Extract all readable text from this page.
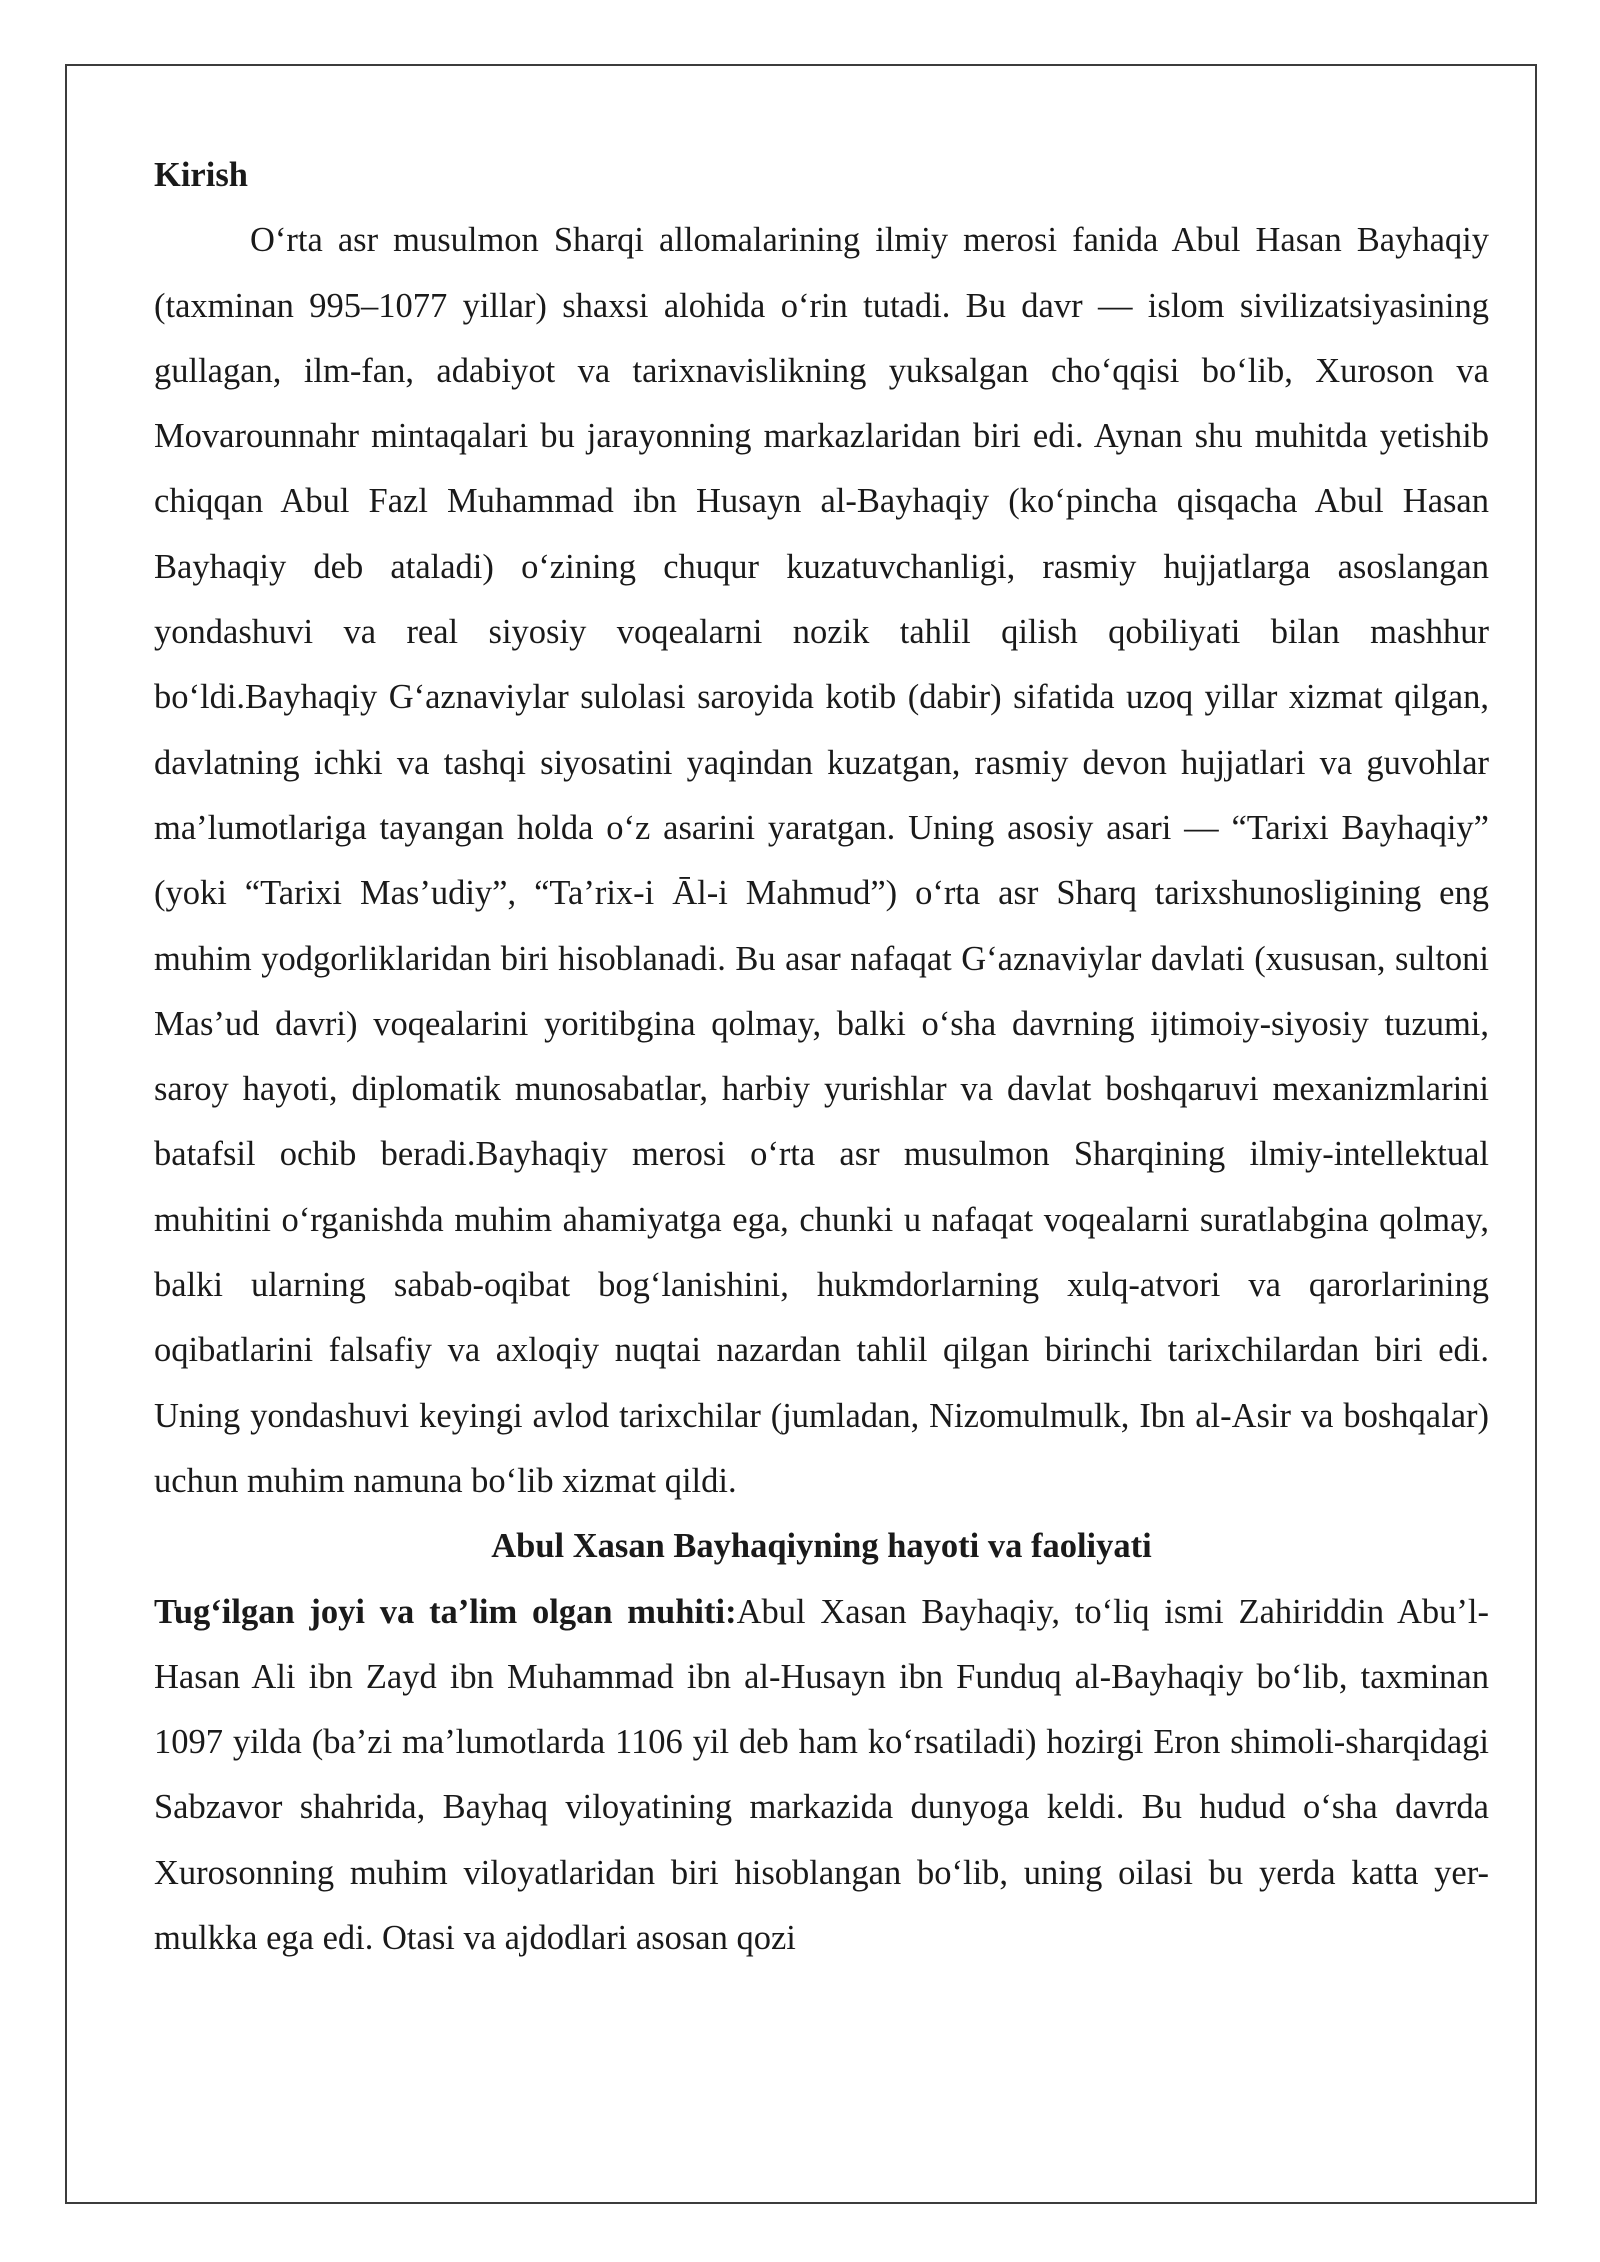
Kirish

O‘rta asr musulmon Sharqi allomalarining ilmiy merosi fanida Abul Hasan Bayhaqiy (taxminan 995–1077 yillar) shaxsi alohida o‘rin tutadi. Bu davr — islom sivilizatsiyasining gullagan, ilm-fan, adabiyot va tarixnavislikning yuksalgan cho‘qqisi bo‘lib, Xuroson va Movarounnahr mintaqalari bu jarayonning markazlaridan biri edi. Aynan shu muhitda yetishib chiqqan Abul Fazl Muhammad ibn Husayn al-Bayhaqiy (ko‘pincha qisqacha Abul Hasan Bayhaqiy deb ataladi) o‘zining chuqur kuzatuvchanligi, rasmiy hujjatlarga asoslangan yondashuvi va real siyosiy voqealarni nozik tahlil qilish qobiliyati bilan mashhur bo‘ldi.Bayhaqiy G‘aznaviylar sulolasi saroyida kotib (dabir) sifatida uzoq yillar xizmat qilgan, davlatning ichki va tashqi siyosatini yaqindan kuzatgan, rasmiy devon hujjatlari va guvohlar ma’lumotlariga tayangan holda o‘z asarini yaratgan. Uning asosiy asari — “Tarixi Bayhaqiy” (yoki “Tarixi Mas’udiy”, “Ta’rix-i Āl-i Mahmud”) o‘rta asr Sharq tarixshunosligining eng muhim yodgorliklaridan biri hisoblanadi. Bu asar nafaqat G‘aznaviylar davlati (xususan, sultoni Mas’ud davri) voqealarini yoritibgina qolmay, balki o‘sha davrning ijtimoiy-siyosiy tuzumi, saroy hayoti, diplomatik munosabatlar, harbiy yurishlar va davlat boshqaruvi mexanizmlarini batafsil ochib beradi.Bayhaqiy merosi o‘rta asr musulmon Sharqining ilmiy-intellektual muhitini o‘rganishda muhim ahamiyatga ega, chunki u nafaqat voqealarni suratlabgina qolmay, balki ularning sabab-oqibat bog‘lanishini, hukmdorlarning xulq-atvori va qarorlarining oqibatlarini falsafiy va axloqiy nuqtai nazardan tahlil qilgan birinchi tarixchilardan biri edi. Uning yondashuvi keyingi avlod tarixchilar (jumladan, Nizomulmulk, Ibn al-Asir va boshqalar) uchun muhim namuna bo‘lib xizmat qildi.

Abul Xasan Bayhaqiyning hayoti va faoliyati

Tug‘ilgan joyi va ta’lim olgan muhiti:Abul Xasan Bayhaqiy, to‘liq ismi Zahiriddin Abu’l-Hasan Ali ibn Zayd ibn Muhammad ibn al-Husayn ibn Funduq al-Bayhaqiy bo‘lib, taxminan 1097 yilda (ba’zi ma’lumotlarda 1106 yil deb ham ko‘rsatiladi) hozirgi Eron shimoli-sharqidagi Sabzavor shahrida, Bayhaq viloyatining markazida dunyoga keldi. Bu hudud o‘sha davrda Xurosonning muhim viloyatlaridan biri hisoblangan bo‘lib, uning oilasi bu yerda katta yer-mulkka ega edi. Otasi va ajdodlari asosan qozi
